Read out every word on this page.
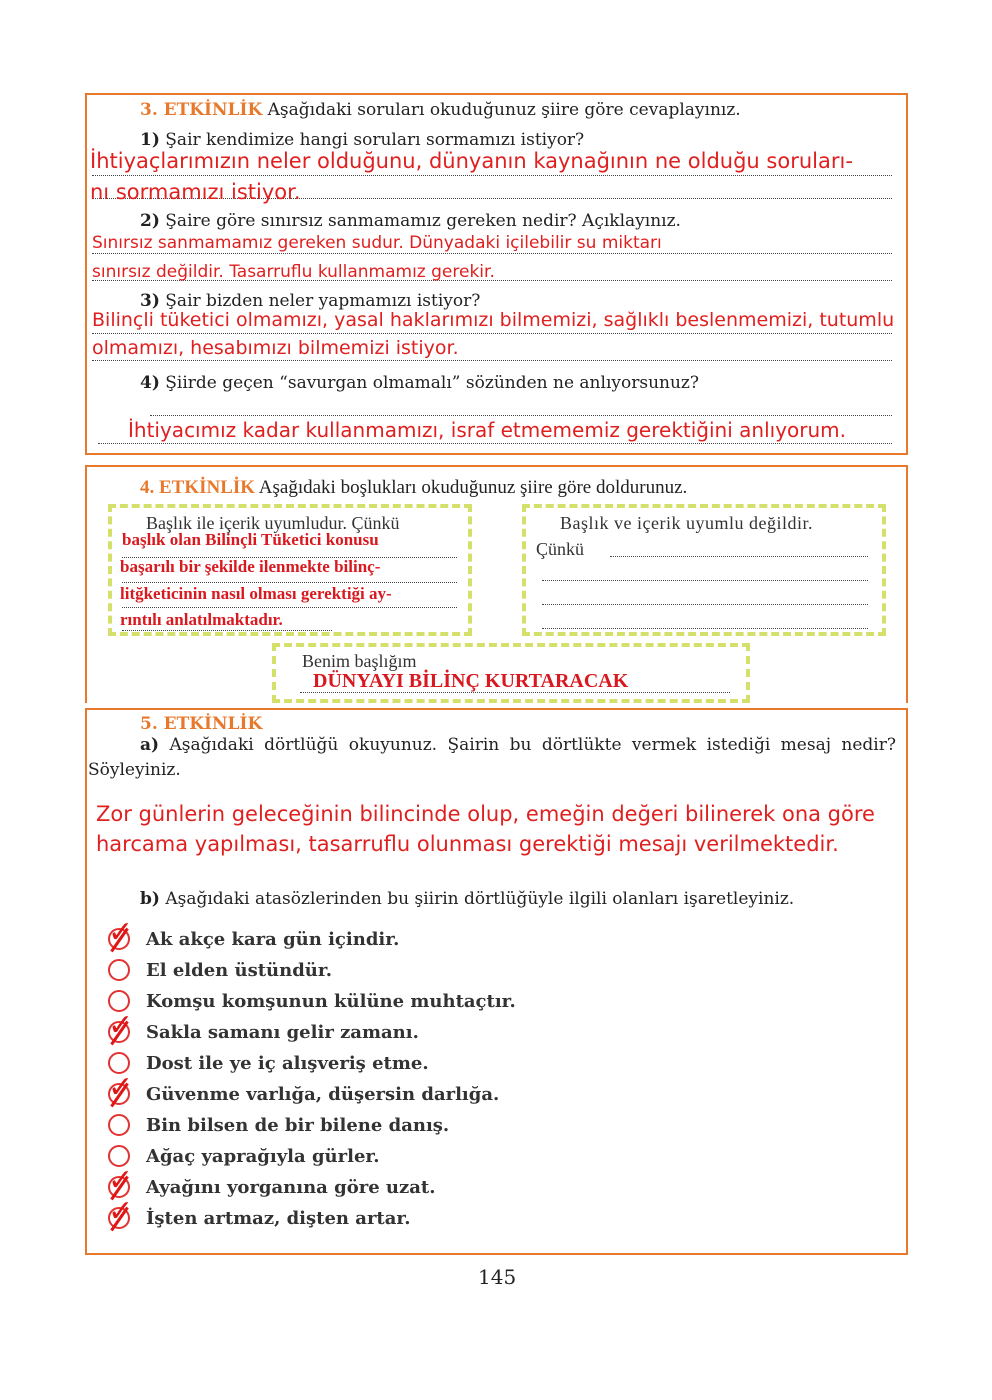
3. ETKİNLİK Aşağıdaki soruları okuduğunuz şiire göre cevaplayınız.
1) Şair kendimize hangi soruları sormamızı istiyor?
İhtiyaçlarımızın neler olduğunu, dünyanın kaynağının ne olduğu soruları-
nı sormamızı istiyor.
2) Şaire göre sınırsız sanmamamız gereken nedir? Açıklayınız.
Sınırsız sanmamamız gereken sudur. Dünyadaki içilebilir su miktarı
sınırsız değildir. Tasarruflu kullanmamız gerekir.
3) Şair bizden neler yapmamızı istiyor?
Bilinçli tüketici olmamızı, yasal haklarımızı bilmemizi, sağlıklı beslenmemizi, tutumlu
olmamızı, hesabımızı bilmemizi istiyor.
4) Şiirde geçen “savurgan olmamalı” sözünden ne anlıyorsunuz?
İhtiyacımız kadar kullanmamızı, israf etmememiz gerektiğini anlıyorum.
4. ETKİNLİK Aşağıdaki boşlukları okuduğunuz şiire göre doldurunuz.
Başlık ile içerik uyumludur. Çünkü
başlık olan Bilinçli Tüketici konusu
başarılı bir şekilde ilenmekte bilinç-
litğketicinin nasıl olması gerektiği ay-
rıntılı anlatılmaktadır.
Başlık ve içerik uyumlu değildir.
Çünkü
Benim başlığım
DÜNYAYI BİLİNÇ KURTARACAK
5. ETKİNLİK
a) Aşağıdaki dörtlüğü okuyunuz. Şairin bu dörtlükte vermek istediği mesaj nedir?
Söyleyiniz.
Zor günlerin geleceğinin bilincinde olup, emeğin değeri bilinerek ona göre
harcama yapılması, tasarruflu olunması gerektiği mesajı verilmektedir.
b) Aşağıdaki atasözlerinden bu şiirin dörtlüğüyle ilgili olanları işaretleyiniz.
✓ Ak akçe kara gün içindir.
El elden üstündür.
Komşu komşunun külüne muhtaçtır.
✓ Sakla samanı gelir zamanı.
Dost ile ye iç alışveriş etme.
✓ Güvenme varlığa, düşersin darlığa.
Bin bilsen de bir bilene danış.
Ağaç yaprağıyla gürler.
✓ Ayağını yorganına göre uzat.
✓ İşten artmaz, dişten artar.
145
